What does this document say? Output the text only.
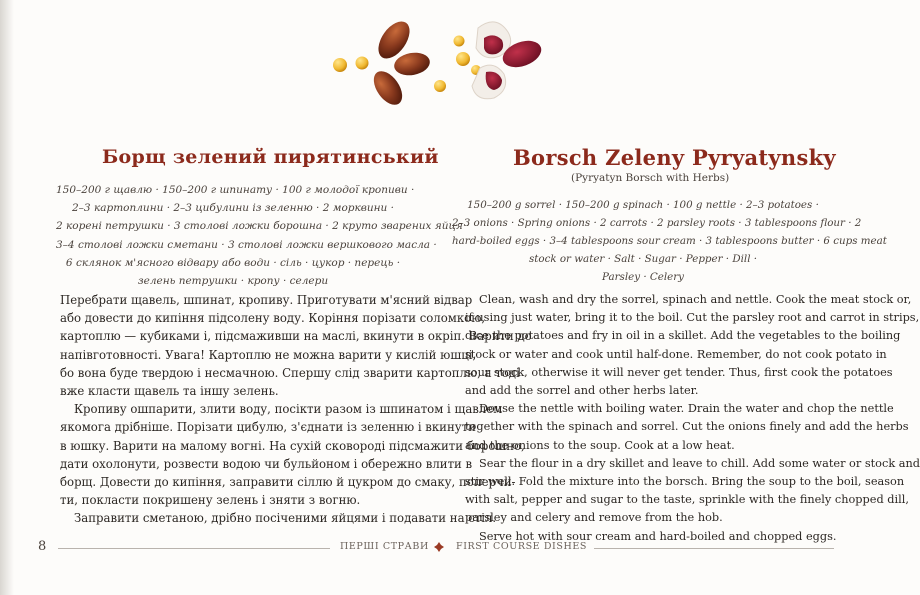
Борщ зелений пирятинський	Borsch Zeleny Pyryatynsky
(Pyryatyn Borsch with Herbs)
150–200 г щавлю · 150–200 г шпинату · 100 г молодої кропиви ·
2–3 картоплини · 2–3 цибулини із зеленню · 2 морквини ·
2 корені петрушки · 3 столові ложки борошна · 2 круто зварених яйця ·
3–4 столові ложки сметани · 3 столові ложки вершкового масла ·
6 склянок м'ясного відвару або води · сіль · цукор · перець ·
зелень петрушки · кропу · селери
150–200 g sorrel · 150–200 g spinach · 100 g nettle · 2–3 potatoes ·
2–3 onions · Spring onions · 2 carrots · 2 parsley roots · 3 tablespoons flour · 2
hard-boiled eggs · 3–4 tablespoons sour cream · 3 tablespoons butter · 6 cups meat
stock or water · Salt · Sugar · Pepper · Dill ·
Parsley · Celery
Перебрати щавель, шпинат, кропиву. Приготувати м'ясний відвар
або довести до кипіння підсолену воду. Коріння порізати соломкою,
картоплю — кубиками і, підсмаживши на маслі, вкинути в окріп. Варити до
напівготовності. Увага! Картоплю не можна варити у кислій юшці,
бо вона буде твердою і несмачною. Спершу слід зварити картоплю, а тоді
вже класти щавель та іншу зелень.
Кропиву ошпарити, злити воду, посікти разом із шпинатом і щавлем
якомога дрібніше. Порізати цибулю, з'єднати із зеленню і вкинути
в юшку. Варити на малому вогні. На сухій сковороді підсмажити борошно,
дати охолонути, розвести водою чи бульйоном і обережно влити в
борщ. Довести до кипіння, заправити сіллю й цукром до смаку, поперчи-
ти, покласти покришену зелень і зняти з вогню.
Заправити сметаною, дрібно посіченими яйцями і подавати на стіл.
Clean, wash and dry the sorrel, spinach and nettle. Cook the meat stock or,
if using just water, bring it to the boil. Cut the parsley root and carrot in strips,
dice the potatoes and fry in oil in a skillet. Add the vegetables to the boiling
stock or water and cook until half-done. Remember, do not cook potato in
sour stock, otherwise it will never get tender. Thus, first cook the potatoes
and add the sorrel and other herbs later.
Douse the nettle with boiling water. Drain the water and chop the nettle
together with the spinach and sorrel. Cut the onions finely and add the herbs
and the onions to the soup. Cook at a low heat.
Sear the flour in a dry skillet and leave to chill. Add some water or stock and
stir well. Fold the mixture into the borsch. Bring the soup to the boil, season
with salt, pepper and sugar to the taste, sprinkle with the finely chopped dill,
parsley and celery and remove from the hob.
Serve hot with sour cream and hard-boiled and chopped eggs.
8	ПЕРШІ СТРАВИ	FIRST COURSE DISHES
